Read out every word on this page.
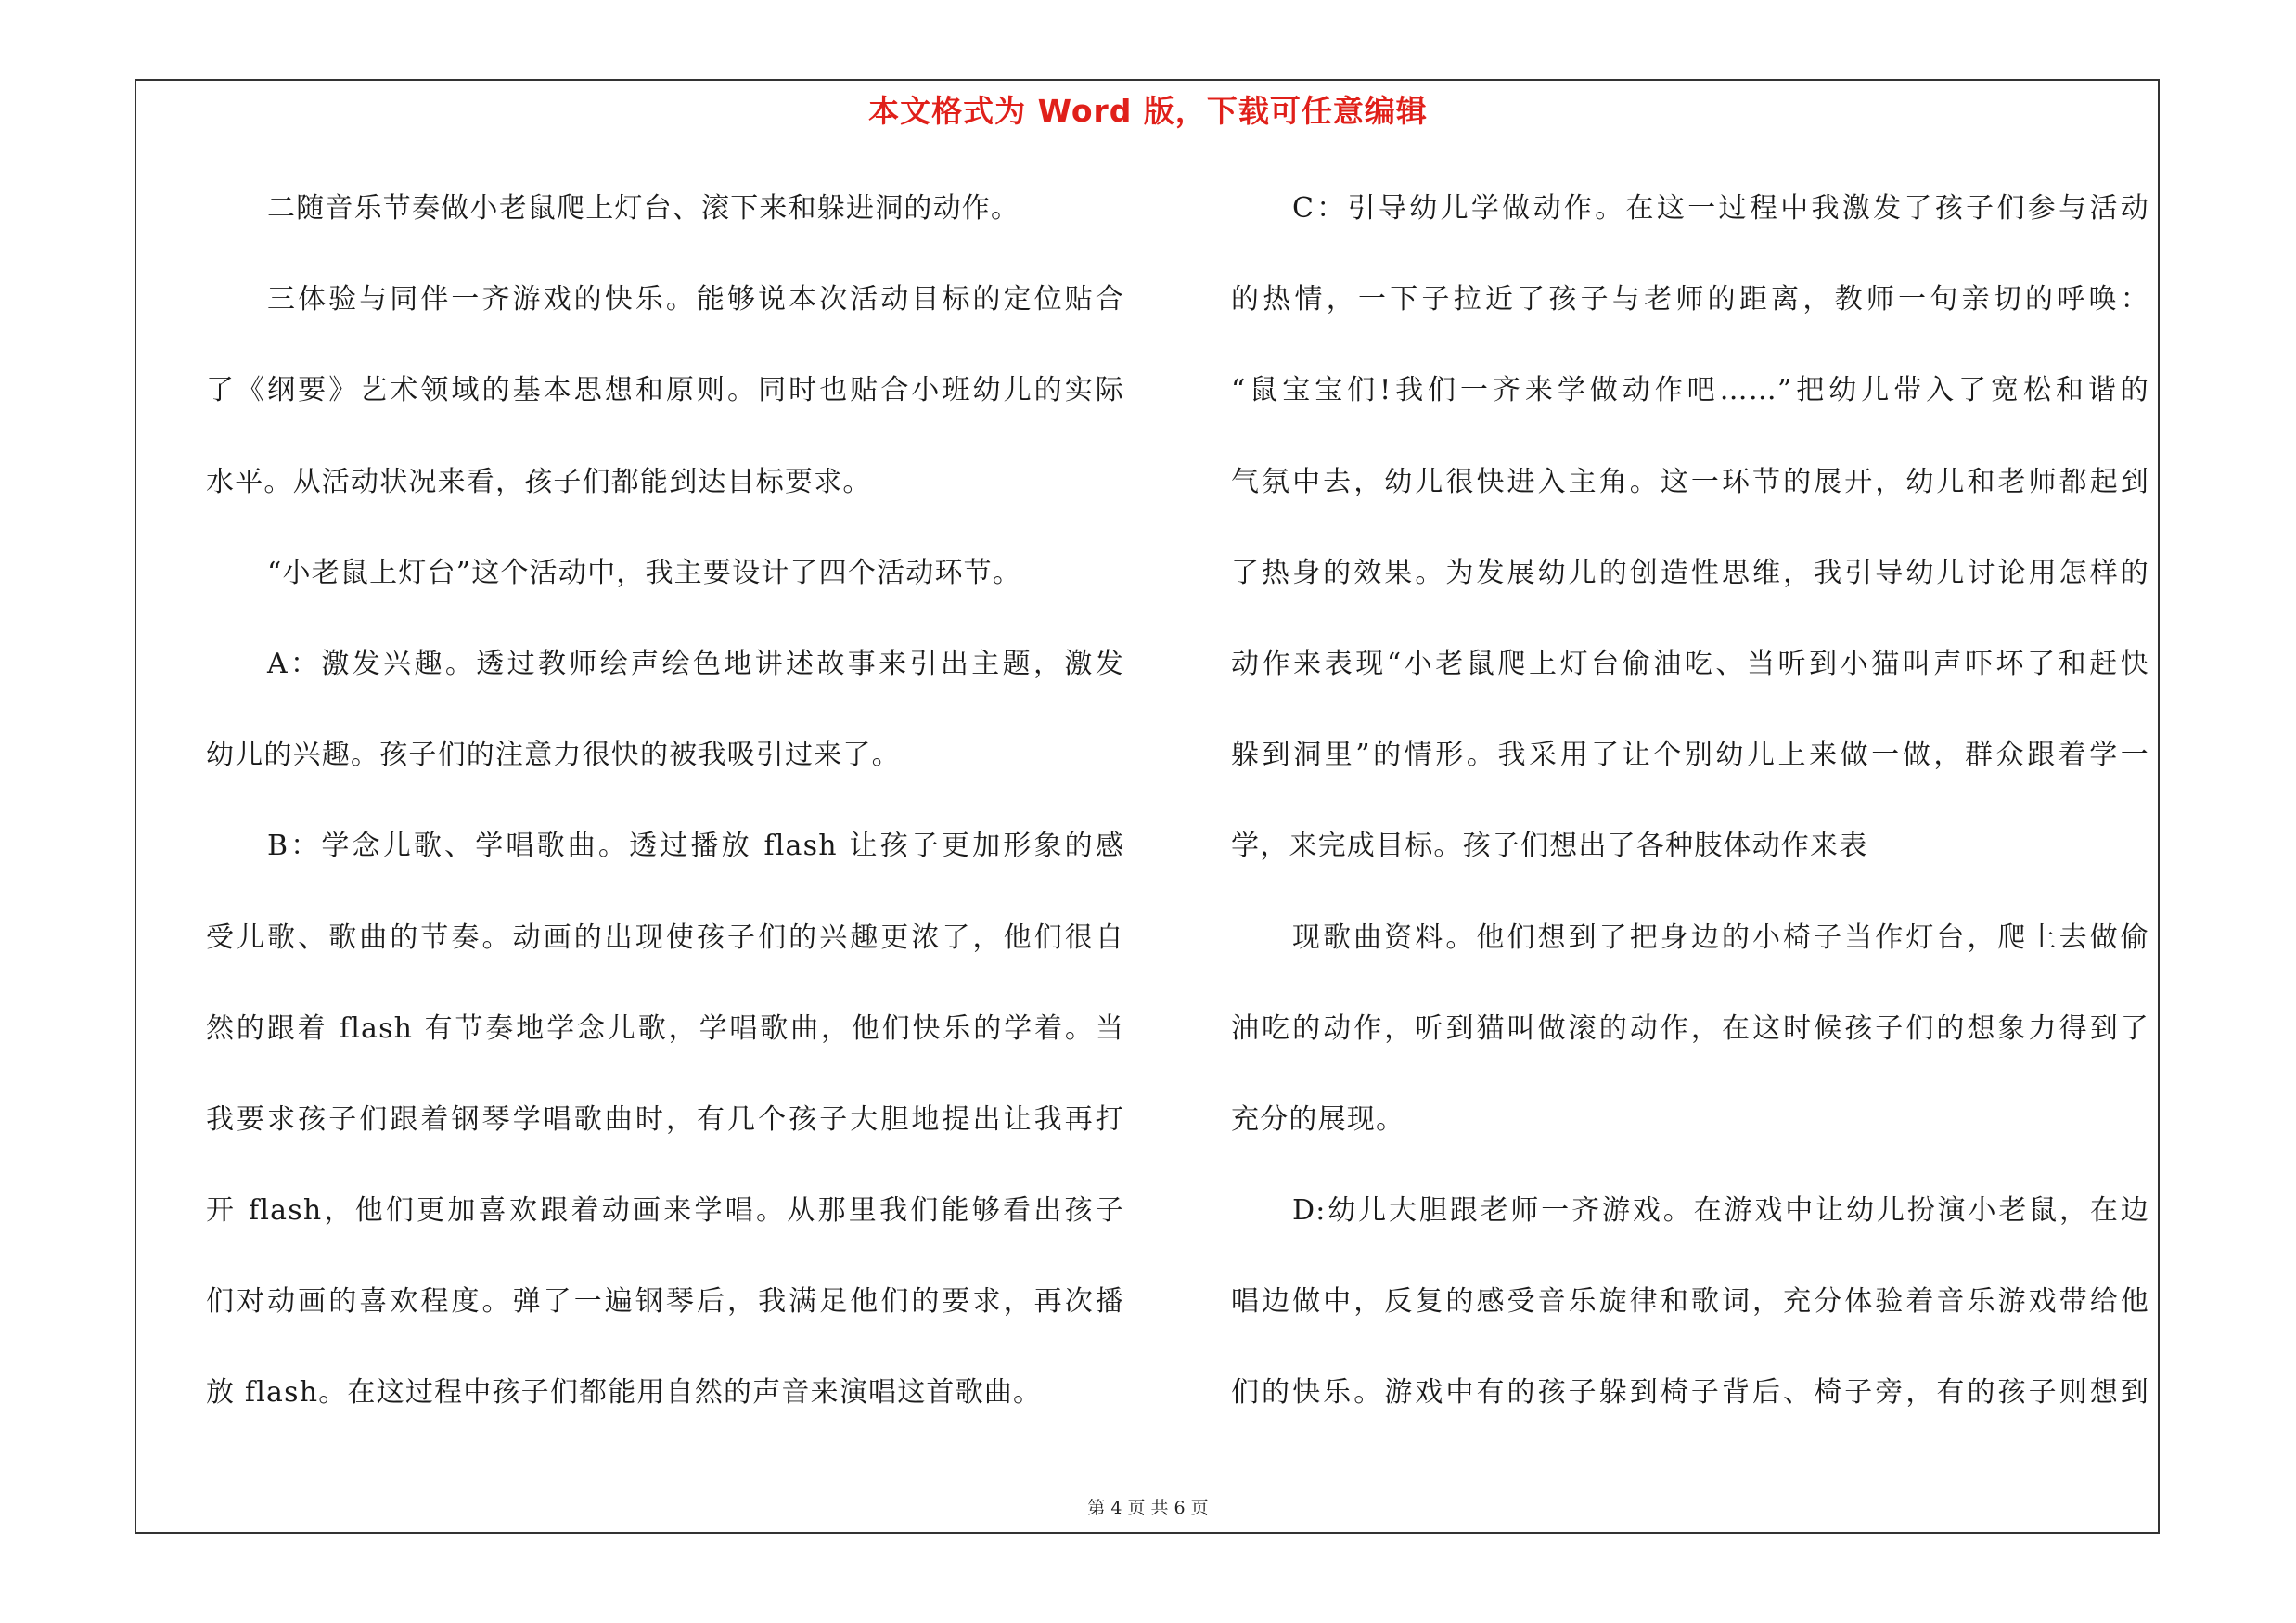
本文格式为 Word 版，下载可任意编辑
二随音乐节奏做小老鼠爬上灯台、滚下来和躲进洞的动作。
三体验与同伴一齐游戏的快乐。能够说本次活动目标的定位贴合
了《纲要》艺术领域的基本思想和原则。同时也贴合小班幼儿的实际
水平。从活动状况来看，孩子们都能到达目标要求。
“小老鼠上灯台”这个活动中，我主要设计了四个活动环节。
A：激发兴趣。透过教师绘声绘色地讲述故事来引出主题，激发
幼儿的兴趣。孩子们的注意力很快的被我吸引过来了。
B：学念儿歌、学唱歌曲。透过播放 flash 让孩子更加形象的感
受儿歌、歌曲的节奏。动画的出现使孩子们的兴趣更浓了，他们很自
然的跟着 flash 有节奏地学念儿歌，学唱歌曲，他们快乐的学着。当
我要求孩子们跟着钢琴学唱歌曲时，有几个孩子大胆地提出让我再打
开 flash，他们更加喜欢跟着动画来学唱。从那里我们能够看出孩子
们对动画的喜欢程度。弹了一遍钢琴后，我满足他们的要求，再次播
放 flash。在这过程中孩子们都能用自然的声音来演唱这首歌曲。
C：引导幼儿学做动作。在这一过程中我激发了孩子们参与活动
的热情，一下子拉近了孩子与老师的距离，教师一句亲切的呼唤：
“鼠宝宝们!我们一齐来学做动作吧……”把幼儿带入了宽松和谐的
气氛中去，幼儿很快进入主角。这一环节的展开，幼儿和老师都起到
了热身的效果。为发展幼儿的创造性思维，我引导幼儿讨论用怎样的
动作来表现“小老鼠爬上灯台偷油吃、当听到小猫叫声吓坏了和赶快
躲到洞里”的情形。我采用了让个别幼儿上来做一做，群众跟着学一
学，来完成目标。孩子们想出了各种肢体动作来表
现歌曲资料。他们想到了把身边的小椅子当作灯台，爬上去做偷
油吃的动作，听到猫叫做滚的动作，在这时候孩子们的想象力得到了
充分的展现。
D:幼儿大胆跟老师一齐游戏。在游戏中让幼儿扮演小老鼠，在边
唱边做中，反复的感受音乐旋律和歌词，充分体验着音乐游戏带给他
们的快乐。游戏中有的孩子躲到椅子背后、椅子旁，有的孩子则想到
第 4 页 共 6 页
